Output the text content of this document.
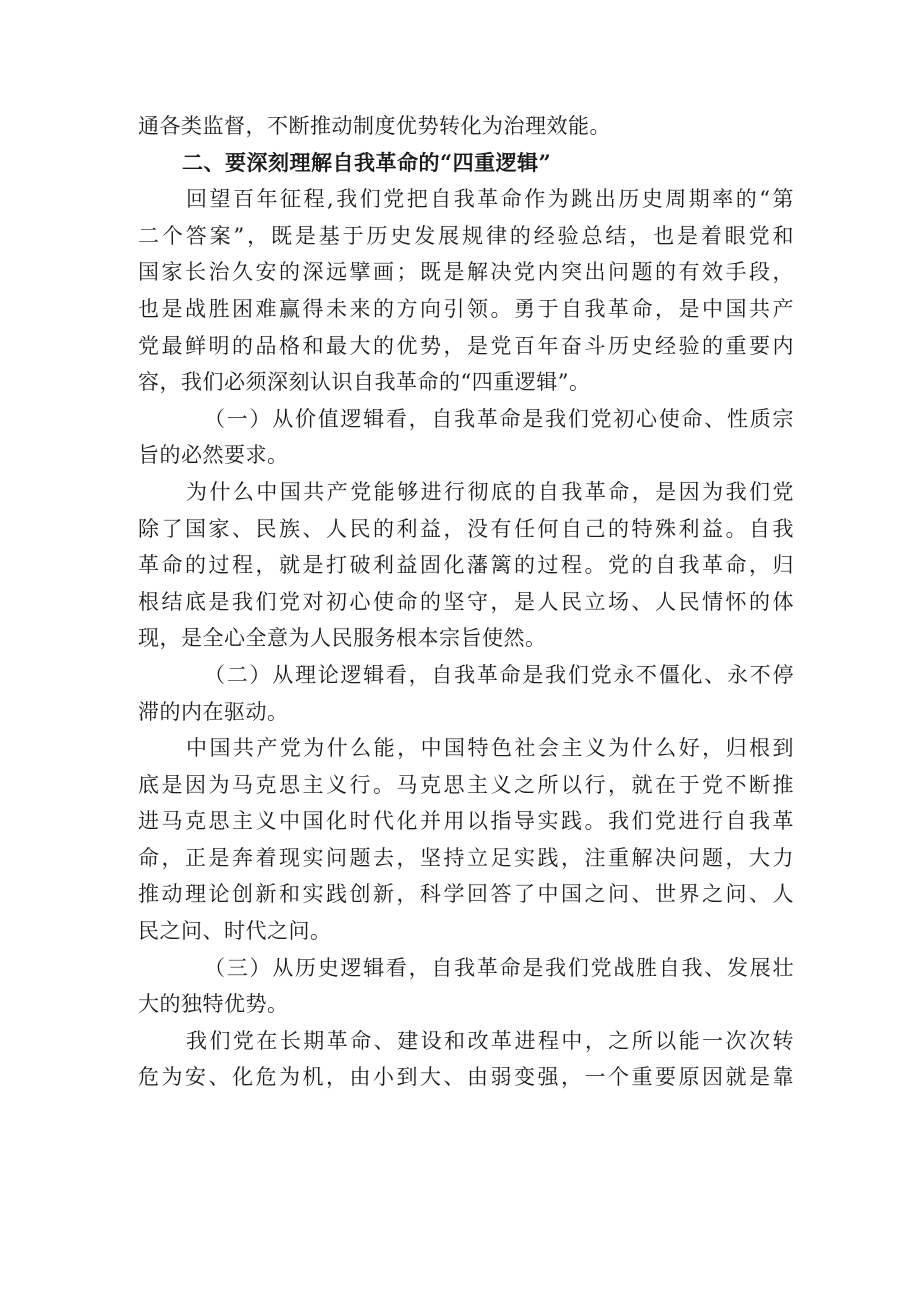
通各类监督，不断推动制度优势转化为治理效能。
二、要深刻理解自我革命的“四重逻辑”
回望百年征程,我们党把自我革命作为跳出历史周期率的“第
二个答案”，既是基于历史发展规律的经验总结，也是着眼党和
国家长治久安的深远擘画；既是解决党内突出问题的有效手段，
也是战胜困难赢得未来的方向引领。勇于自我革命，是中国共产
党最鲜明的品格和最大的优势，是党百年奋斗历史经验的重要内
容，我们必须深刻认识自我革命的“四重逻辑”。
（一）从价值逻辑看，自我革命是我们党初心使命、性质宗
旨的必然要求。
为什么中国共产党能够进行彻底的自我革命，是因为我们党
除了国家、民族、人民的利益，没有任何自己的特殊利益。自我
革命的过程，就是打破利益固化藩篱的过程。党的自我革命，归
根结底是我们党对初心使命的坚守，是人民立场、人民情怀的体
现，是全心全意为人民服务根本宗旨使然。
（二）从理论逻辑看，自我革命是我们党永不僵化、永不停
滞的内在驱动。
中国共产党为什么能，中国特色社会主义为什么好，归根到
底是因为马克思主义行。马克思主义之所以行，就在于党不断推
进马克思主义中国化时代化并用以指导实践。我们党进行自我革
命，正是奔着现实问题去，坚持立足实践，注重解决问题，大力
推动理论创新和实践创新，科学回答了中国之问、世界之问、人
民之问、时代之问。
（三）从历史逻辑看，自我革命是我们党战胜自我、发展壮
大的独特优势。
我们党在长期革命、建设和改革进程中，之所以能一次次转
危为安、化危为机，由小到大、由弱变强，一个重要原因就是靠
